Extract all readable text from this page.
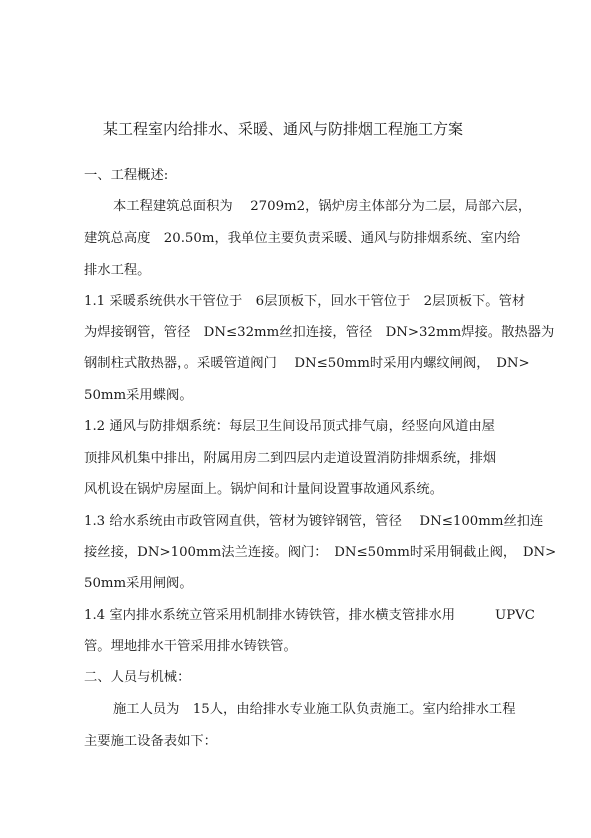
某工程室内给排水、采暖、通风与防排烟工程施工方案
一、工程概述:
本工程建筑总面积为　 2709m2，锅炉房主体部分为二层，局部六层，
建筑总高度　20.50m，我单位主要负责采暖、通风与防排烟系统、室内给
排水工程。
1.1 采暖系统供水干管位于　6层顶板下，回水干管位于　2层顶板下。管材
为焊接钢管，管径　DN≤32mm丝扣连接，管径　DN>32mm焊接。散热器为
钢制柱式散热器，。采暖管道阀门　 DN≤50mm时采用内螺纹闸阀，　DN>
50mm采用蝶阀。
1.2 通风与防排烟系统：每层卫生间设吊顶式排气扇，经竖向风道由屋
顶排风机集中排出，附属用房二到四层内走道设置消防排烟系统，排烟
风机设在锅炉房屋面上。锅炉间和计量间设置事故通风系统。
1.3 给水系统由市政管网直供，管材为镀锌钢管，管径　 DN≤100mm丝扣连
接丝接，DN>100mm法兰连接。阀门：　DN≤50mm时采用铜截止阀，　DN>
50mm采用闸阀。
1.4 室内排水系统立管采用机制排水铸铁管，排水横支管排水用　　　UPVC
管。埋地排水干管采用排水铸铁管。
二、人员与机械：
施工人员为　15人，由给排水专业施工队负责施工。室内给排水工程
主要施工设备表如下：
